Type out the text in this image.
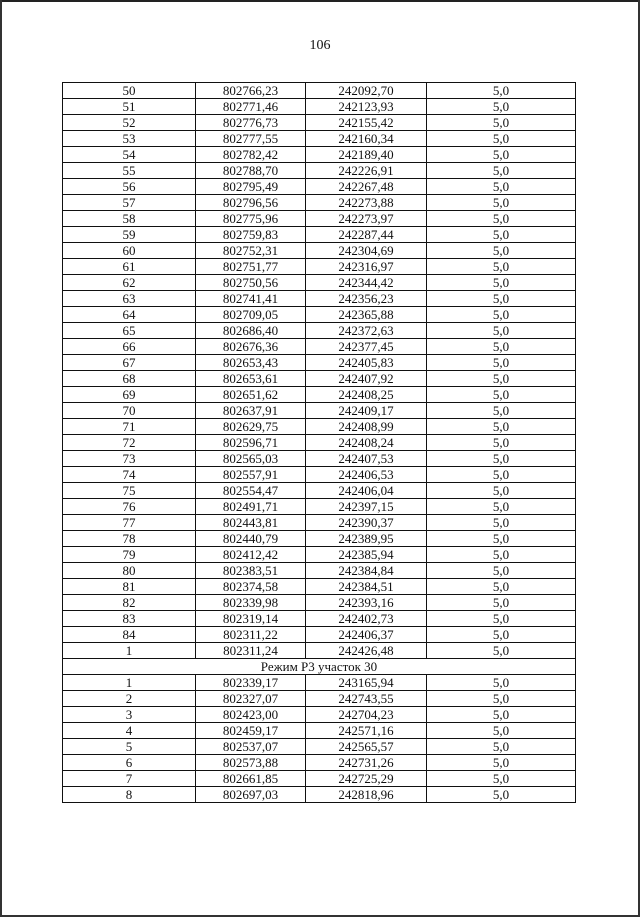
106
50	802766,23	242092,70	5,0
51	802771,46	242123,93	5,0
52	802776,73	242155,42	5,0
53	802777,55	242160,34	5,0
54	802782,42	242189,40	5,0
55	802788,70	242226,91	5,0
56	802795,49	242267,48	5,0
57	802796,56	242273,88	5,0
58	802775,96	242273,97	5,0
59	802759,83	242287,44	5,0
60	802752,31	242304,69	5,0
61	802751,77	242316,97	5,0
62	802750,56	242344,42	5,0
63	802741,41	242356,23	5,0
64	802709,05	242365,88	5,0
65	802686,40	242372,63	5,0
66	802676,36	242377,45	5,0
67	802653,43	242405,83	5,0
68	802653,61	242407,92	5,0
69	802651,62	242408,25	5,0
70	802637,91	242409,17	5,0
71	802629,75	242408,99	5,0
72	802596,71	242408,24	5,0
73	802565,03	242407,53	5,0
74	802557,91	242406,53	5,0
75	802554,47	242406,04	5,0
76	802491,71	242397,15	5,0
77	802443,81	242390,37	5,0
78	802440,79	242389,95	5,0
79	802412,42	242385,94	5,0
80	802383,51	242384,84	5,0
81	802374,58	242384,51	5,0
82	802339,98	242393,16	5,0
83	802319,14	242402,73	5,0
84	802311,22	242406,37	5,0
1	802311,24	242426,48	5,0
Режим Р3 участок 30			
1	802339,17	243165,94	5,0
2	802327,07	242743,55	5,0
3	802423,00	242704,23	5,0
4	802459,17	242571,16	5,0
5	802537,07	242565,57	5,0
6	802573,88	242731,26	5,0
7	802661,85	242725,29	5,0
8	802697,03	242818,96	5,0
